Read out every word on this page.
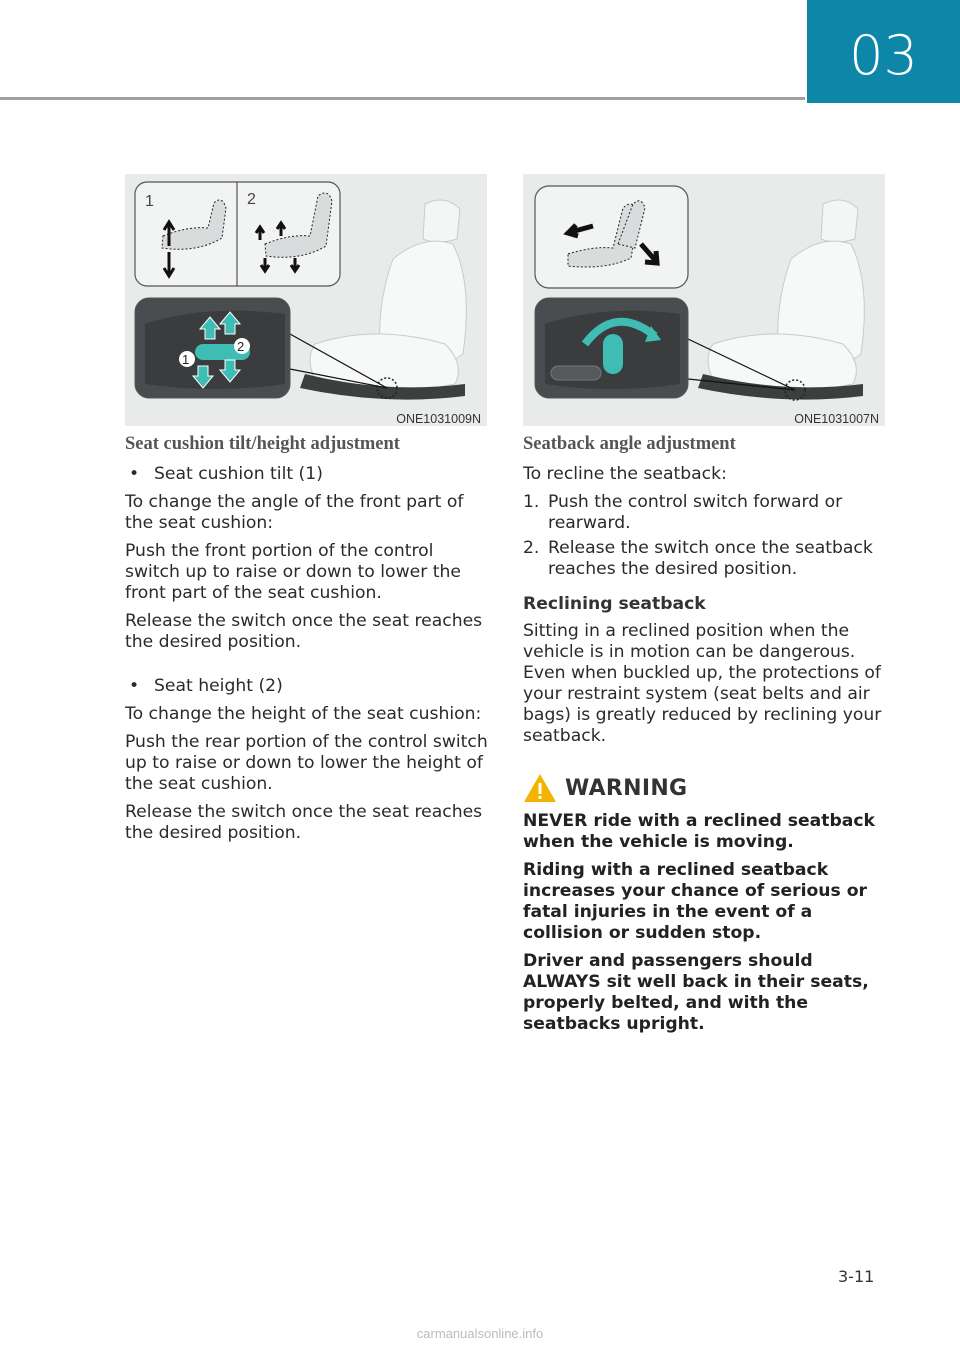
03
1	2
1
2
ONE1031009N	ONE1031007N
Seat cushion tilt/height adjustment
• Seat cushion tilt (1)

To change the angle of the front part of the seat cushion:

Push the front portion of the control switch up to raise or down to lower the front part of the seat cushion.

Release the switch once the seat reaches the desired position.

• Seat height (2)

To change the height of the seat cushion:

Push the rear portion of the control switch up to raise or down to lower the height of the seat cushion.

Release the switch once the seat reaches the desired position.

Seatback angle adjustment

To recline the seatback:

1. Push the control switch forward or rearward.
2. Release the switch once the seatback reaches the desired position.
Reclining seatback

Sitting in a reclined position when the vehicle is in motion can be dangerous. Even when buckled up, the protections of your restraint system (seat belts and air bags) is greatly reduced by reclining your seatback.

WARNING

NEVER ride with a reclined seatback when the vehicle is moving.

Riding with a reclined seatback increases your chance of serious or fatal injuries in the event of a collision or sudden stop.

Driver and passengers should ALWAYS sit well back in their seats, properly belted, and with the seatbacks upright.

3-11
carmanualsonline.info
